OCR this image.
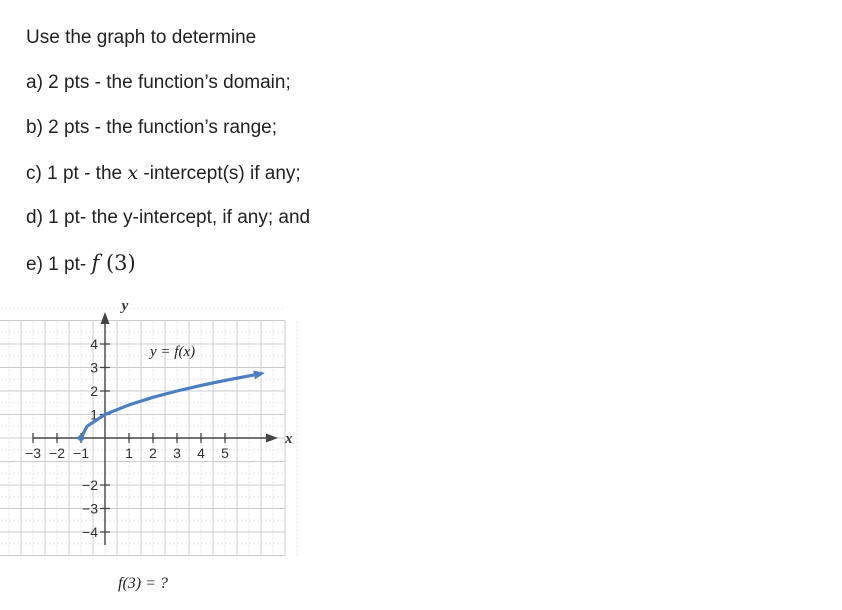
Use the graph to determine
a) 2 pts - the function’s domain;
b) 2 pts - the function’s range;
c) 1 pt - the x -intercept(s) if any;
d) 1 pt- the y-intercept, if any; and
e) 1 pt- f (3)
−3 −2 −1	1 2 3 4 5
4
3
2
1
−2
−3
−4
y
x
y = f(x)
f(3) = ?
